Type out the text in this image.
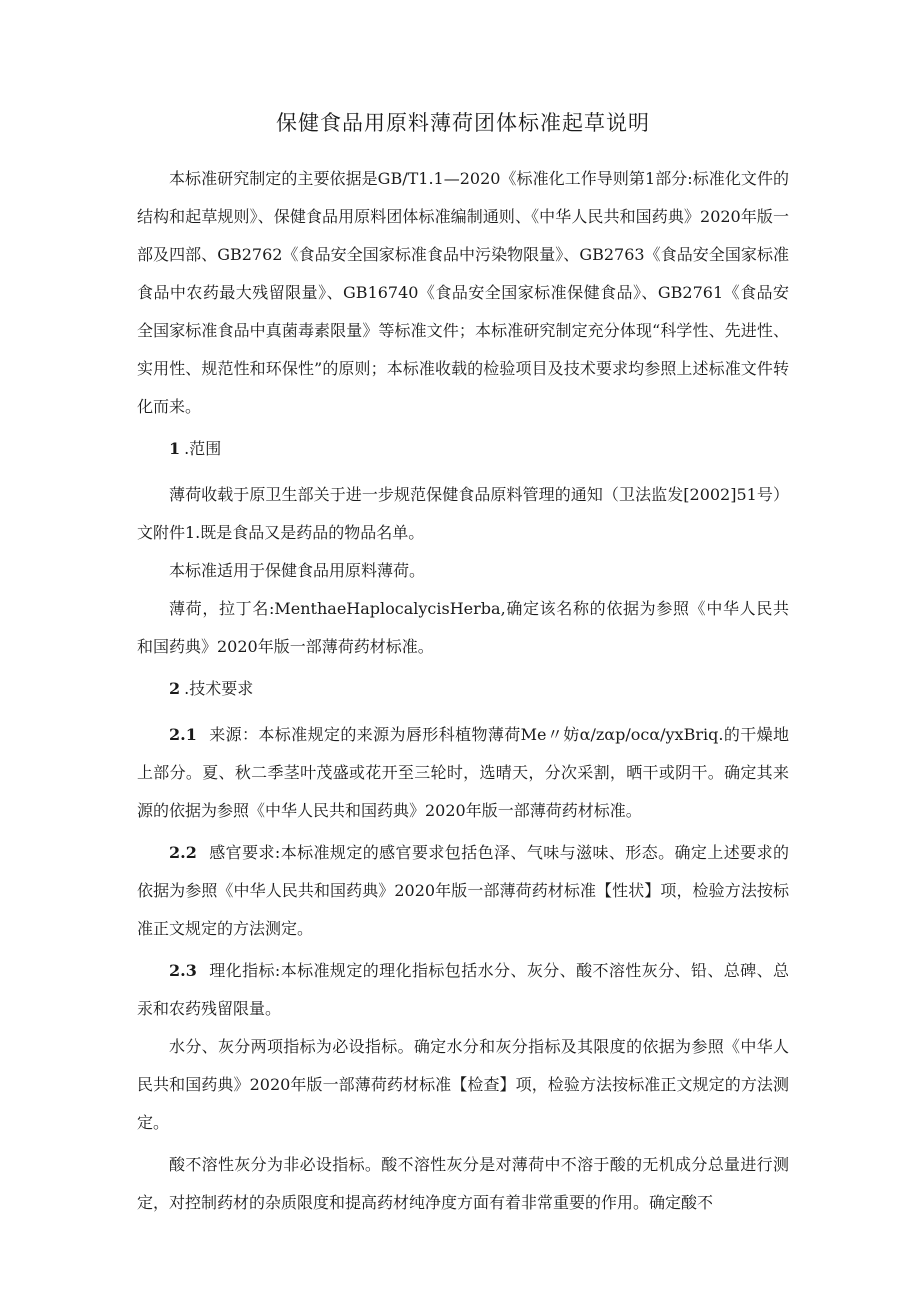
保健食品用原料薄荷团体标准起草说明

本标准研究制定的主要依据是GB/T1.1—2020《标准化工作导则第1部分:标准化文件的结构和起草规则》、保健食品用原料团体标准编制通则、《中华人民共和国药典》2020年版一部及四部、GB2762《食品安全国家标准食品中污染物限量》、GB2763《食品安全国家标准食品中农药最大残留限量》、GB16740《食品安全国家标准保健食品》、GB2761《食品安全国家标准食品中真菌毒素限量》等标准文件；本标准研究制定充分体现“科学性、先进性、实用性、规范性和环保性”的原则；本标准收载的检验项目及技术要求均参照上述标准文件转化而来。

1 .范围

薄荷收载于原卫生部关于进一步规范保健食品原料管理的通知（卫法监发[2002]51号）文附件1.既是食品又是药品的物品名单。

本标准适用于保健食品用原料薄荷。

薄荷，拉丁名:MenthaeHaplocalycisHerba,确定该名称的依据为参照《中华人民共和国药典》2020年版一部薄荷药材标准。

2 .技术要求

2.1 来源：本标准规定的来源为唇形科植物薄荷Me〃妨α∕zαp∕ocα∕yxBriq.的干燥地上部分。夏、秋二季茎叶茂盛或花开至三轮时，选晴天，分次采割，晒干或阴干。确定其来源的依据为参照《中华人民共和国药典》2020年版一部薄荷药材标准。

2.2 感官要求:本标准规定的感官要求包括色泽、气味与滋味、形态。确定上述要求的依据为参照《中华人民共和国药典》2020年版一部薄荷药材标准【性状】项，检验方法按标准正文规定的方法测定。

2.3 理化指标:本标准规定的理化指标包括水分、灰分、酸不溶性灰分、铅、总碑、总汞和农药残留限量。

水分、灰分两项指标为必设指标。确定水分和灰分指标及其限度的依据为参照《中华人民共和国药典》2020年版一部薄荷药材标准【检查】项，检验方法按标准正文规定的方法测定。

酸不溶性灰分为非必设指标。酸不溶性灰分是对薄荷中不溶于酸的无机成分总量进行测定，对控制药材的杂质限度和提高药材纯净度方面有着非常重要的作用。确定酸不
